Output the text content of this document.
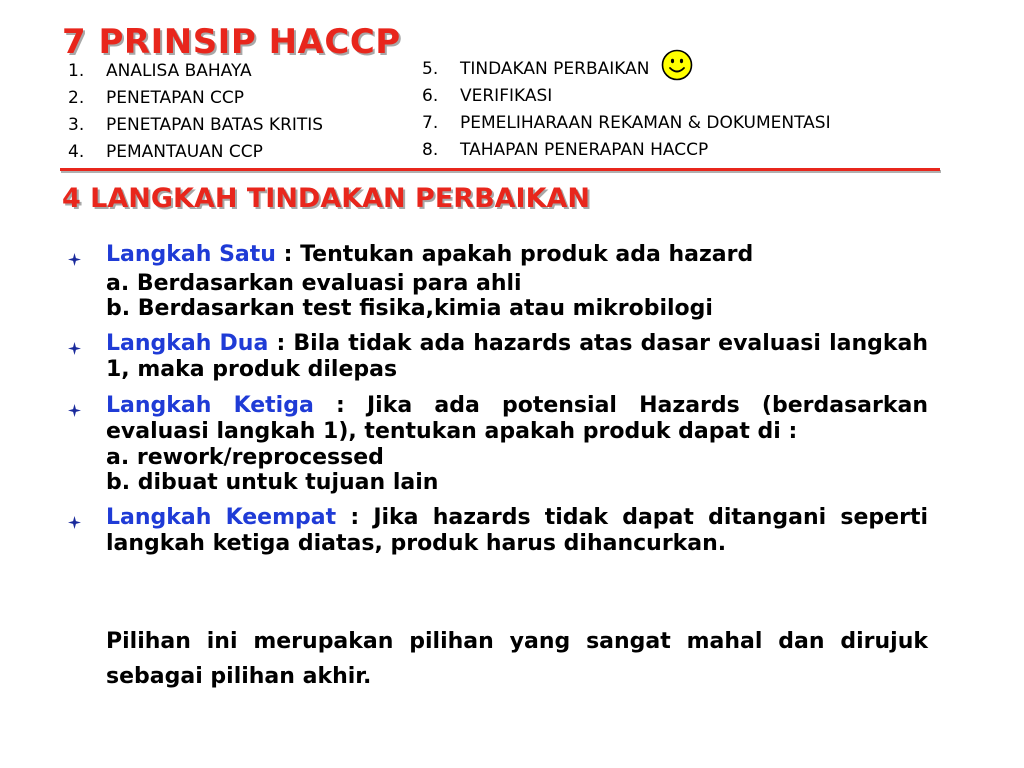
7 PRINSIP HACCP
1.	ANALISA BAHAYA
2.	PENETAPAN CCP
3.	PENETAPAN BATAS KRITIS
4.	PEMANTAUAN CCP
5.	TINDAKAN PERBAIKAN
6.	VERIFIKASI
7.	PEMELIHARAAN REKAMAN & DOKUMENTASI
8.	TAHAPAN PENERAPAN HACCP
4 LANGKAH TINDAKAN PERBAIKAN
Langkah Satu : Tentukan apakah produk ada hazard
a. Berdasarkan evaluasi para ahli
b. Berdasarkan test fisika,kimia atau mikrobilogi
Langkah Dua : Bila tidak ada hazards atas dasar evaluasi langkah 1, maka produk dilepas
Langkah Ketiga : Jika ada potensial Hazards (berdasarkan evaluasi langkah 1), tentukan apakah produk dapat di :
a. rework/reprocessed
b. dibuat untuk tujuan lain
Langkah Keempat : Jika hazards tidak dapat ditangani seperti langkah ketiga diatas, produk harus dihancurkan.

Pilihan ini merupakan pilihan yang sangat mahal dan dirujuk sebagai pilihan akhir.
